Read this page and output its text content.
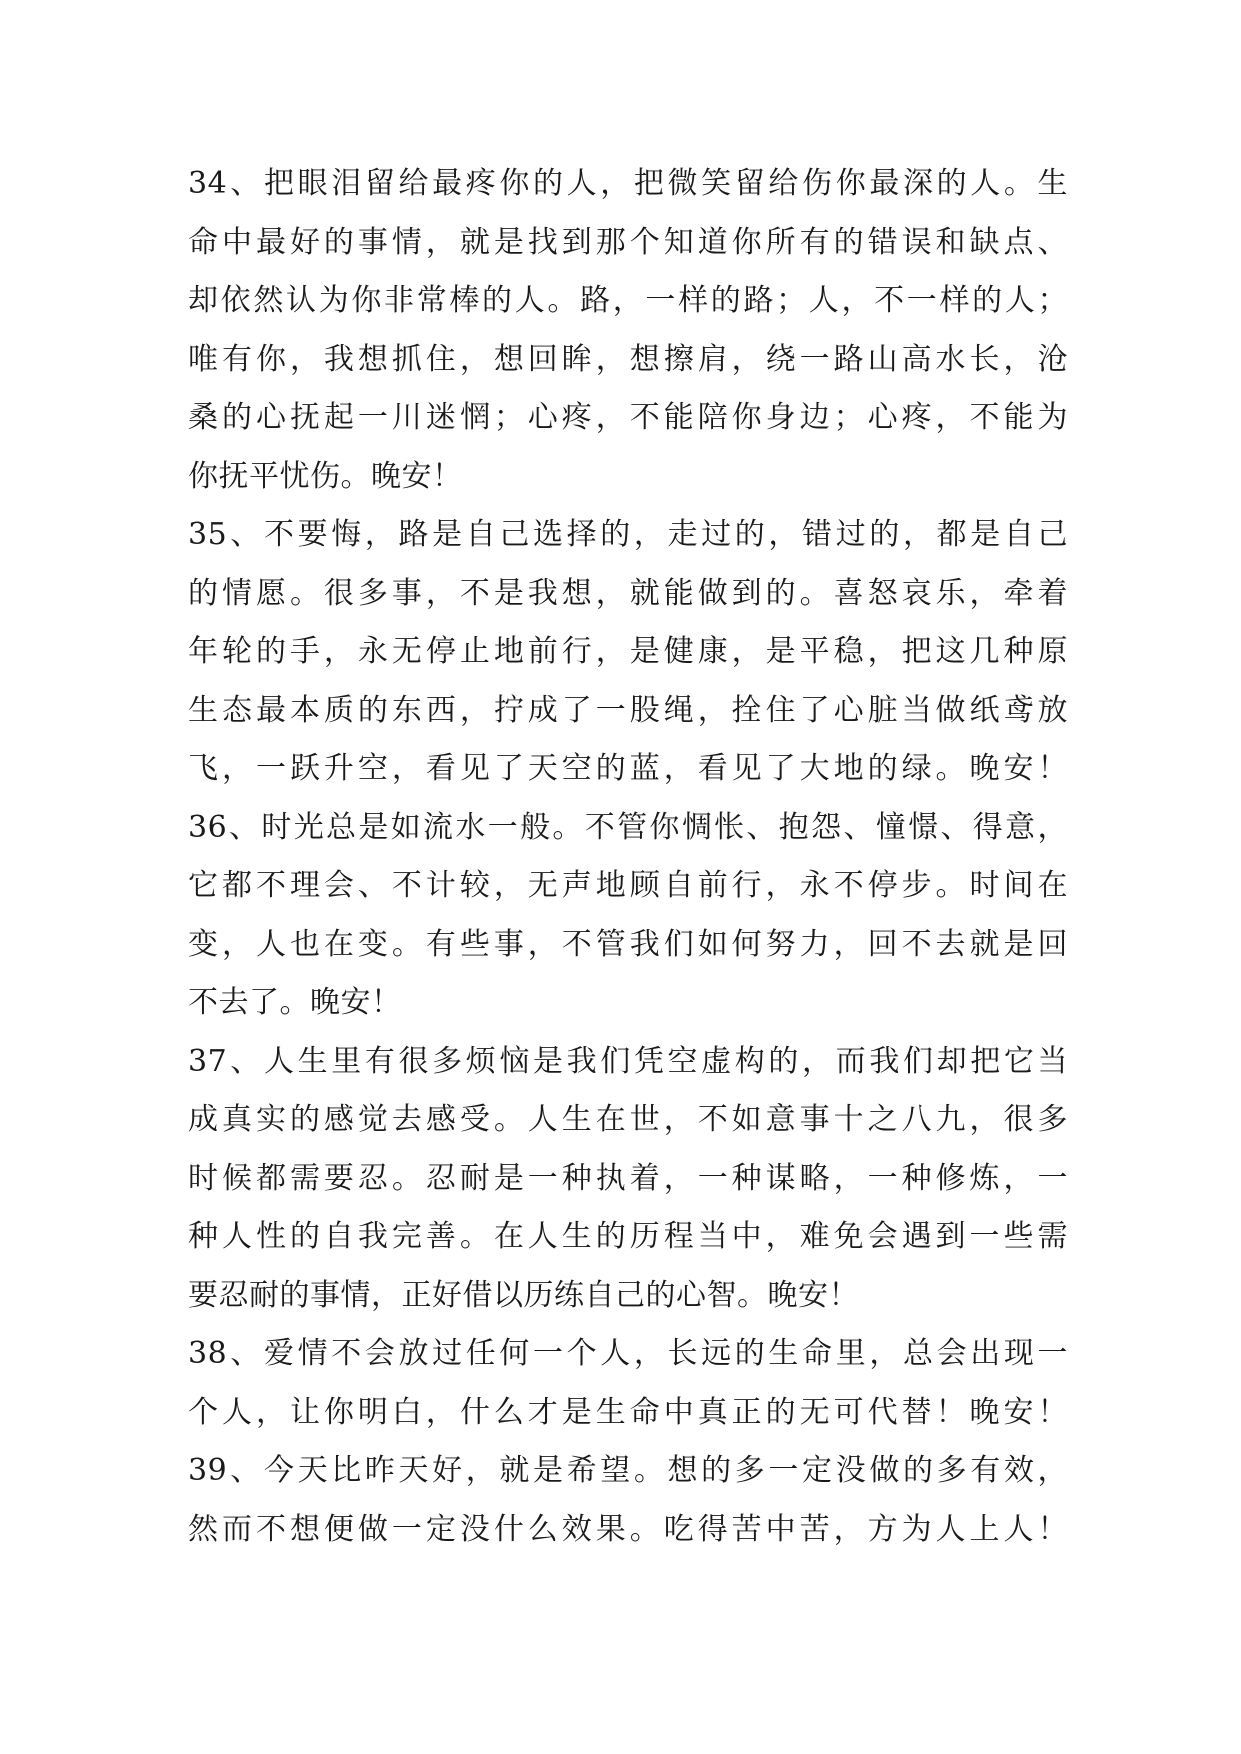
34、把眼泪留给最疼你的人，把微笑留给伤你最深的人。生
命中最好的事情，就是找到那个知道你所有的错误和缺点、
却依然认为你非常棒的人。路，一样的路；人，不一样的人；
唯有你，我想抓住，想回眸，想擦肩，绕一路山高水长，沧
桑的心抚起一川迷惘；心疼，不能陪你身边；心疼，不能为
你抚平忧伤。晚安！
35、不要悔，路是自己选择的，走过的，错过的，都是自己
的情愿。很多事，不是我想，就能做到的。喜怒哀乐，牵着
年轮的手，永无停止地前行，是健康，是平稳，把这几种原
生态最本质的东西，拧成了一股绳，拴住了心脏当做纸鸢放
飞，一跃升空，看见了天空的蓝，看见了大地的绿。晚安！
36、时光总是如流水一般。不管你惆怅、抱怨、憧憬、得意，
它都不理会、不计较，无声地顾自前行，永不停步。时间在
变，人也在变。有些事，不管我们如何努力，回不去就是回
不去了。晚安！
37、人生里有很多烦恼是我们凭空虚构的，而我们却把它当
成真实的感觉去感受。人生在世，不如意事十之八九，很多
时候都需要忍。忍耐是一种执着，一种谋略，一种修炼，一
种人性的自我完善。在人生的历程当中，难免会遇到一些需
要忍耐的事情，正好借以历练自己的心智。晚安！
38、爱情不会放过任何一个人，长远的生命里，总会出现一
个人，让你明白，什么才是生命中真正的无可代替！晚安！
39、今天比昨天好，就是希望。想的多一定没做的多有效，
然而不想便做一定没什么效果。吃得苦中苦，方为人上人！
